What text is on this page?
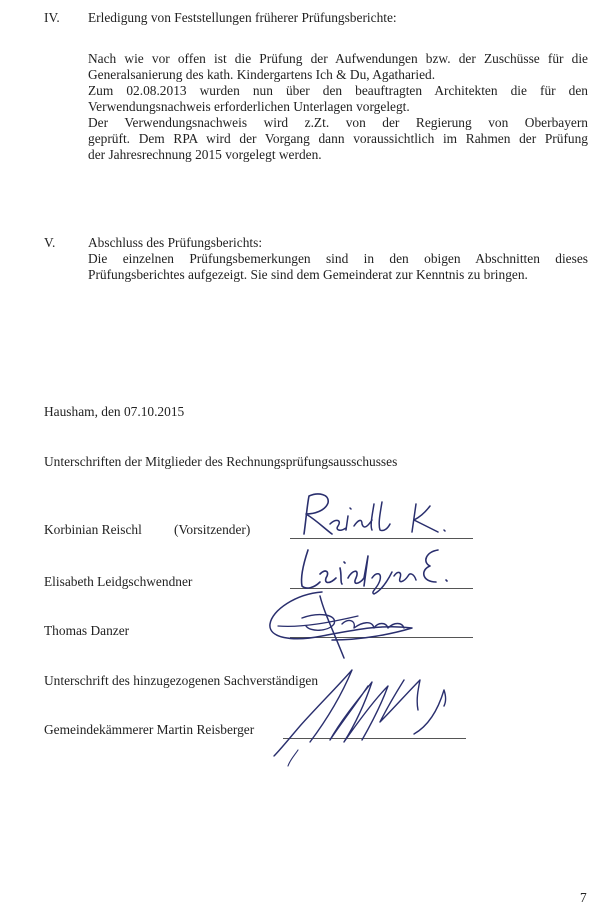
IV. Erledigung von Feststellungen früherer Prüfungsberichte:
Nach wie vor offen ist die Prüfung der Aufwendungen bzw. der Zuschüsse für die
Generalsanierung des kath. Kindergartens Ich & Du, Agatharied.
Zum 02.08.2013 wurden nun über den beauftragten Architekten die für den
Verwendungsnachweis erforderlichen Unterlagen vorgelegt.
Der Verwendungsnachweis wird z.Zt. von der Regierung von Oberbayern
geprüft. Dem RPA wird der Vorgang dann voraussichtlich im Rahmen der Prüfung
der Jahresrechnung 2015 vorgelegt werden.
V. Abschluss des Prüfungsberichts:
Die einzelnen Prüfungsbemerkungen sind in den obigen Abschnitten dieses
Prüfungsberichtes aufgezeigt. Sie sind dem Gemeinderat zur Kenntnis zu bringen.
Hausham, den 07.10.2015
Unterschriften der Mitglieder des Rechnungsprüfungsausschusses
Korbinian Reischl (Vorsitzender)
Elisabeth Leidgschwendner
Thomas Danzer
Unterschrift des hinzugezogenen Sachverständigen
Gemeindekämmerer Martin Reisberger
7
